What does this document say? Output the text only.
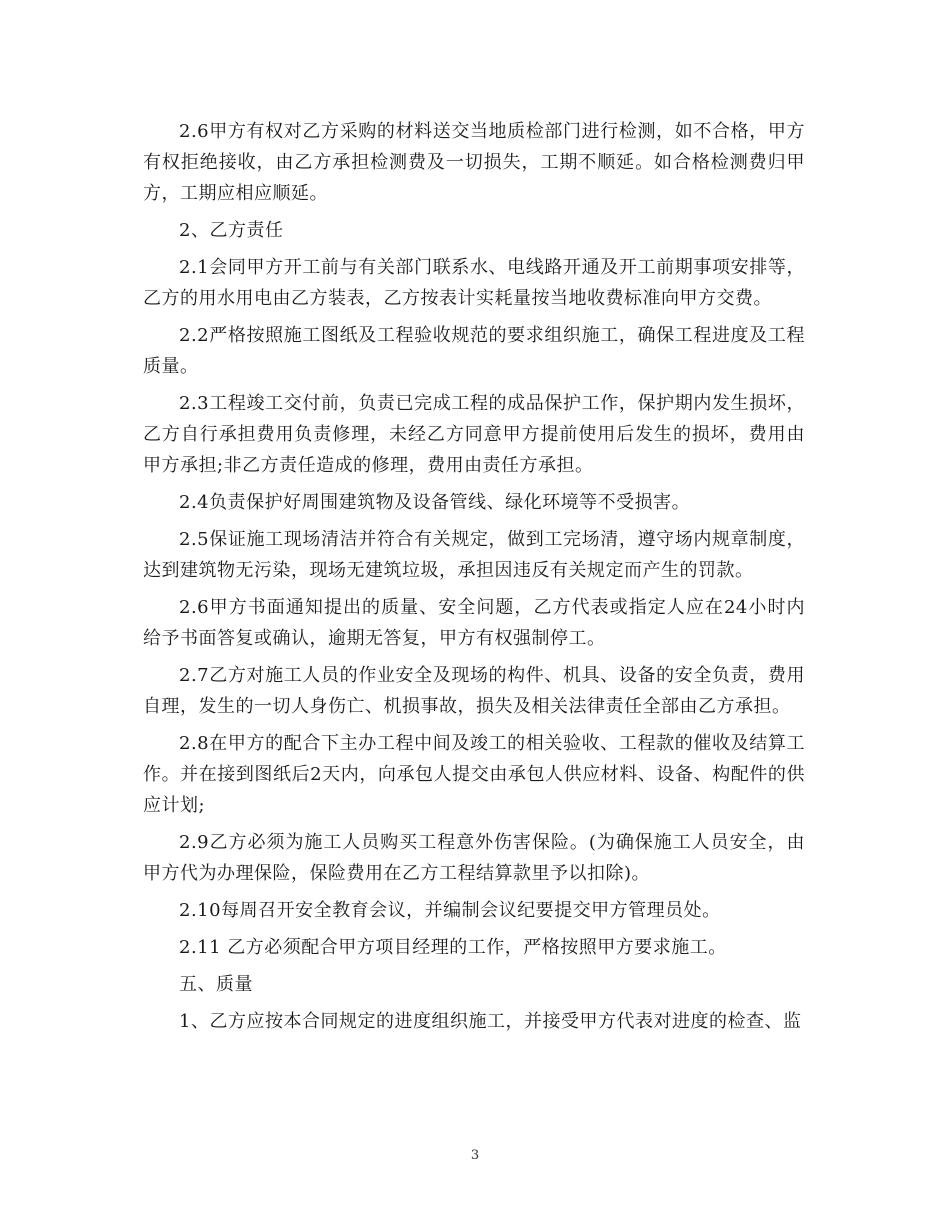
2.6甲方有权对乙方采购的材料送交当地质检部门进行检测，如不合格，甲方有权拒绝接收，由乙方承担检测费及一切损失，工期不顺延。如合格检测费归甲方，工期应相应顺延。

2、乙方责任

2.1会同甲方开工前与有关部门联系水、电线路开通及开工前期事项安排等，乙方的用水用电由乙方装表，乙方按表计实耗量按当地收费标准向甲方交费。

2.2严格按照施工图纸及工程验收规范的要求组织施工，确保工程进度及工程质量。

2.3工程竣工交付前，负责已完成工程的成品保护工作，保护期内发生损坏，乙方自行承担费用负责修理，未经乙方同意甲方提前使用后发生的损坏，费用由甲方承担;非乙方责任造成的修理，费用由责任方承担。

2.4负责保护好周围建筑物及设备管线、绿化环境等不受损害。

2.5保证施工现场清洁并符合有关规定，做到工完场清，遵守场内规章制度，达到建筑物无污染，现场无建筑垃圾，承担因违反有关规定而产生的罚款。

2.6甲方书面通知提出的质量、安全问题，乙方代表或指定人应在24小时内给予书面答复或确认，逾期无答复，甲方有权强制停工。

2.7乙方对施工人员的作业安全及现场的构件、机具、设备的安全负责，费用自理，发生的一切人身伤亡、机损事故，损失及相关法律责任全部由乙方承担。

2.8在甲方的配合下主办工程中间及竣工的相关验收、工程款的催收及结算工作。并在接到图纸后2天内，向承包人提交由承包人供应材料、设备、构配件的供应计划;

2.9乙方必须为施工人员购买工程意外伤害保险。(为确保施工人员安全，由甲方代为办理保险，保险费用在乙方工程结算款里予以扣除)。

2.10每周召开安全教育会议，并编制会议纪要提交甲方管理员处。

2.11 乙方必须配合甲方项目经理的工作，严格按照甲方要求施工。

五、质量

1、乙方应按本合同规定的进度组织施工，并接受甲方代表对进度的检查、监

3
